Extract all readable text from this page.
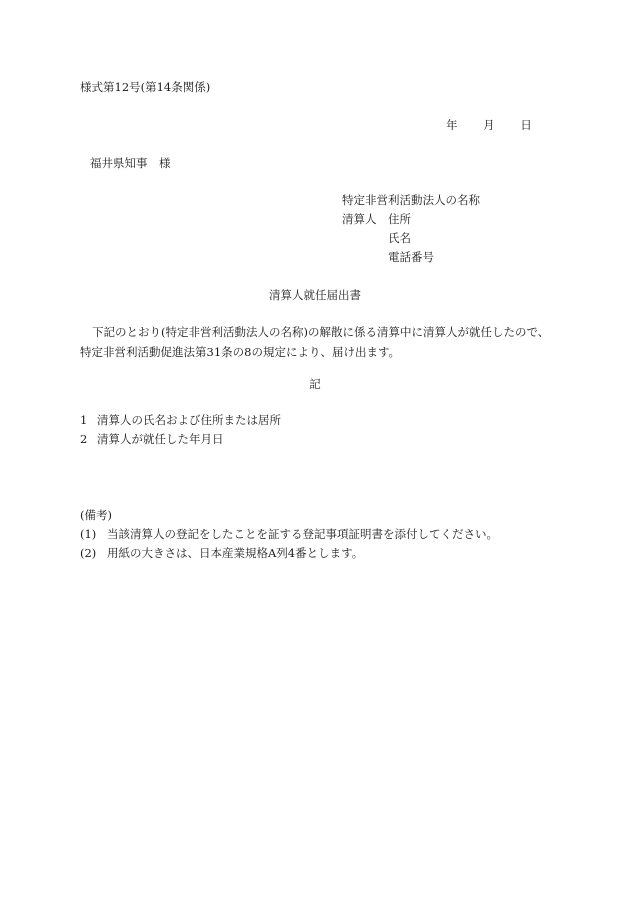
様式第12号(第14条関係)
年 月 日
福井県知事　様
特定非営利活動法人の名称
清算人	住所
氏名
電話番号
清算人就任届出書
下記のとおり(特定非営利活動法人の名称)の解散に係る清算中に清算人が就任したので、特定非営利活動促進法第31条の8の規定により、届け出ます。
記
1 清算人の氏名および住所または居所
2 清算人が就任した年月日
(備考)
(1) 当該清算人の登記をしたことを証する登記事項証明書を添付してください。
(2) 用紙の大きさは、日本産業規格A列4番とします。
